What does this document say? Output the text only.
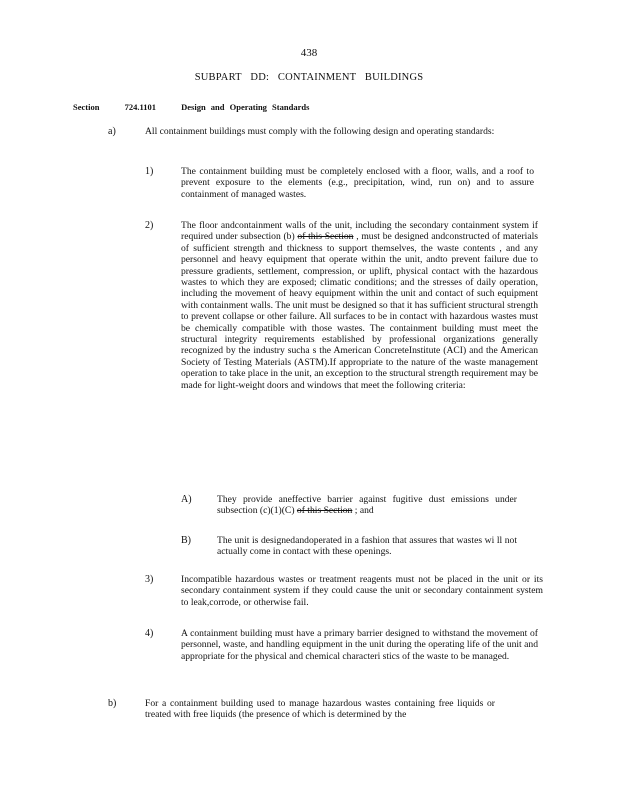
438
SUBPART DD: CONTAINMENT BUILDINGS
Section	724.1101	Design and Operating Standards
a)	All containment buildings must comply with the following design and operating standards:
1)	The containment building must be completely enclosed with a floor, walls, and a roof to prevent exposure to the elements (e.g., precipitation, wind, run on) and to assure containment of managed wastes.
2)	The floor andcontainment walls of the unit, including the secondary containment system if required under subsection (b) of this Section , must be designed andconstructed of materials of sufficient strength and thickness to support themselves, the waste contents , and any personnel and heavy equipment that operate within the unit, andto prevent failure due to pressure gradients, settlement, compression, or uplift, physical contact with the hazardous wastes to which they are exposed; climatic conditions; and the stresses of daily operation, including the movement of heavy equipment within the unit and contact of such equipment with containment walls. The unit must be designed so that it has sufficient structural strength to prevent collapse or other failure. All surfaces to be in contact with hazardous wastes must be chemically compatible with those wastes. The containment building must meet the structural integrity requirements established by professional organizations generally recognized by the industry sucha s the American ConcreteInstitute (ACI) and the American Society of Testing Materials (ASTM).If appropriate to the nature of the waste management operation to take place in the unit, an exception to the structural strength requirement may be made for light-weight doors and windows that meet the following criteria:
A)	They provide aneffective barrier against fugitive dust emissions under subsection (c)(1)(C) of this Section ; and
B)	The unit is designedandoperated in a fashion that assures that wastes wi ll not actually come in contact with these openings.
3)	Incompatible hazardous wastes or treatment reagents must not be placed in the unit or its secondary containment system if they could cause the unit or secondary containment system to leak,corrode, or otherwise fail.
4)	A containment building must have a primary barrier designed to withstand the movement of personnel, waste, and handling equipment in the unit during the operating life of the unit and appropriate for the physical and chemical characteri stics of the waste to be managed.
b)	For a containment building used to manage hazardous wastes containing free liquids or treated with free liquids (the presence of which is determined by the
